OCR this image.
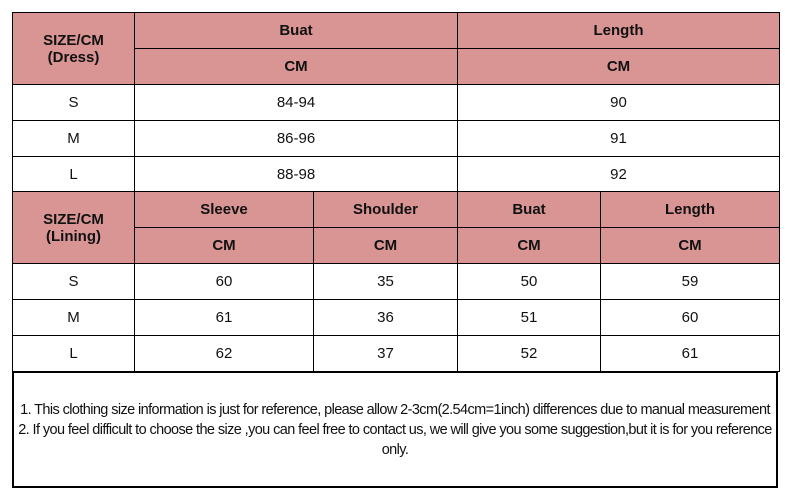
SIZE/CM
(Dress)	Buat	Length
	CM	CM
S	84-94	90
M	86-96	91
L	88-98	92
SIZE/CM
(Lining)	Sleeve	Shoulder	Buat	Length
	CM	CM	CM	CM
S	60	35	50	59
M	61	36	51	60
L	62	37	52	61
1. This clothing size information is just for reference, please allow 2-3cm(2.54cm=1inch) differences due to manual measurement
2. If you feel difficult to choose the size ,you can feel free to contact us, we will give you some suggestion,but it is for you reference only.
